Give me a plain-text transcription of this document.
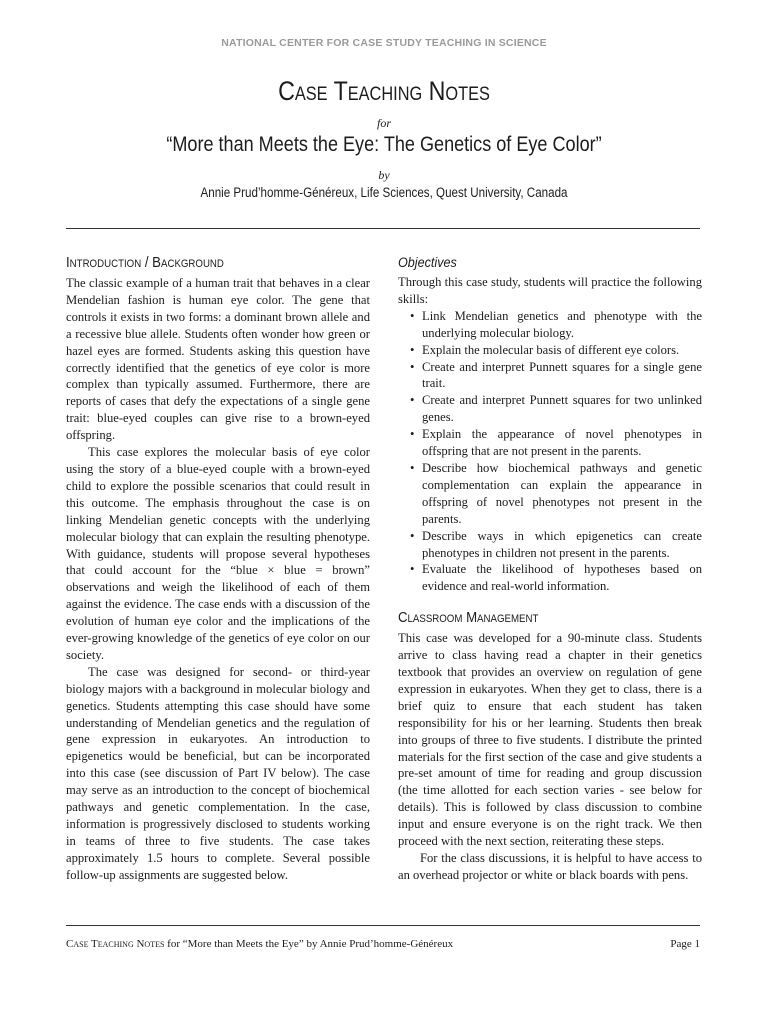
NATIONAL CENTER FOR CASE STUDY TEACHING IN SCIENCE
Case Teaching Notes
for
“More than Meets the Eye: The Genetics of Eye Color”
by
Annie Prud’homme-Généreux, Life Sciences, Quest University, Canada
Introduction / Background

The classic example of a human trait that behaves in a clear Mendelian fashion is human eye color. The gene that controls it exists in two forms: a dominant brown allele and a recessive blue allele. Students often wonder how green or hazel eyes are formed. Students asking this question have correctly identified that the genetics of eye color is more complex than typically assumed. Furthermore, there are reports of cases that defy the expectations of a single gene trait: blue-eyed couples can give rise to a brown-eyed offspring.

This case explores the molecular basis of eye color using the story of a blue-eyed couple with a brown-eyed child to explore the possible scenarios that could result in this outcome. The emphasis throughout the case is on linking Mendelian genetic concepts with the underlying molecular biology that can explain the resulting phenotype. With guidance, students will propose several hypotheses that could account for the “blue × blue = brown” observations and weigh the likelihood of each of them against the evidence. The case ends with a discussion of the evolution of human eye color and the implications of the ever-growing knowledge of the genetics of eye color on our society.

The case was designed for second- or third-year biology majors with a background in molecular biology and genetics. Students attempting this case should have some understanding of Mendelian genetics and the regulation of gene expression in eukaryotes. An introduction to epigenetics would be beneficial, but can be incorporated into this case (see discussion of Part IV below). The case may serve as an introduction to the concept of biochemical pathways and genetic complementation. In the case, information is progressively disclosed to students working in teams of three to five students. The case takes approximately 1.5 hours to complete. Several possible follow-up assignments are suggested below.

Objectives

Through this case study, students will practice the following skills:

• Link Mendelian genetics and phenotype with the underlying molecular biology.
• Explain the molecular basis of different eye colors.
• Create and interpret Punnett squares for a single gene trait.
• Create and interpret Punnett squares for two unlinked genes.
• Explain the appearance of novel phenotypes in offspring that are not present in the parents.
• Describe how biochemical pathways and genetic complementation can explain the appearance in offspring of novel phenotypes not present in the parents.
• Describe ways in which epigenetics can create phenotypes in children not present in the parents.
• Evaluate the likelihood of hypotheses based on evidence and real-world information.
Classroom Management

This case was developed for a 90-minute class. Students arrive to class having read a chapter in their genetics textbook that provides an overview on regulation of gene expression in eukaryotes. When they get to class, there is a brief quiz to ensure that each student has taken responsibility for his or her learning. Students then break into groups of three to five students. I distribute the printed materials for the first section of the case and give students a pre-set amount of time for reading and group discussion (the time allotted for each section varies - see below for details). This is followed by class discussion to combine input and ensure everyone is on the right track. We then proceed with the next section, reiterating these steps.

For the class discussions, it is helpful to have access to an overhead projector or white or black boards with pens.

Case Teaching Notes for “More than Meets the Eye” by Annie Prud’homme-Généreux	Page 1
